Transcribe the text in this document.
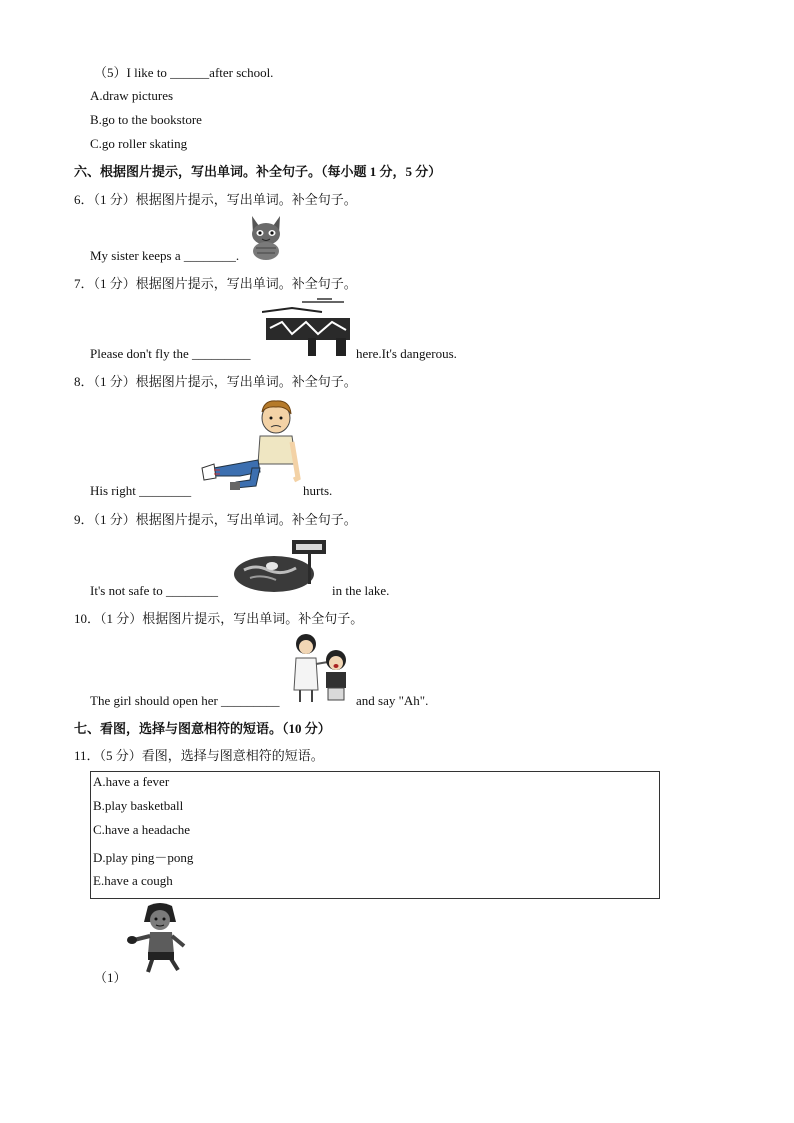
（5）I like to ______after school.
A.draw pictures
B.go to the bookstore
C.go roller skating
六、根据图片提示，写出单词。补全句子。（每小题 1 分，5 分）
6．（1 分）根据图片提示，写出单词。补全句子。
My sister keeps a ________.
7．（1 分）根据图片提示，写出单词。补全句子。
Please don't fly the _________	here.It's dangerous.
8．（1 分）根据图片提示，写出单词。补全句子。
His right ________	hurts.
9．（1 分）根据图片提示，写出单词。补全句子。
It's not safe to ________	in the lake.
10．（1 分）根据图片提示，写出单词。补全句子。
The girl should open her _________	and say "Ah".
七、看图，选择与图意相符的短语。（10 分）
11．（5 分）看图，选择与图意相符的短语。
A.have a fever
B.play basketball
C.have a headache
D.play ping－pong
E.have a cough
（1）
